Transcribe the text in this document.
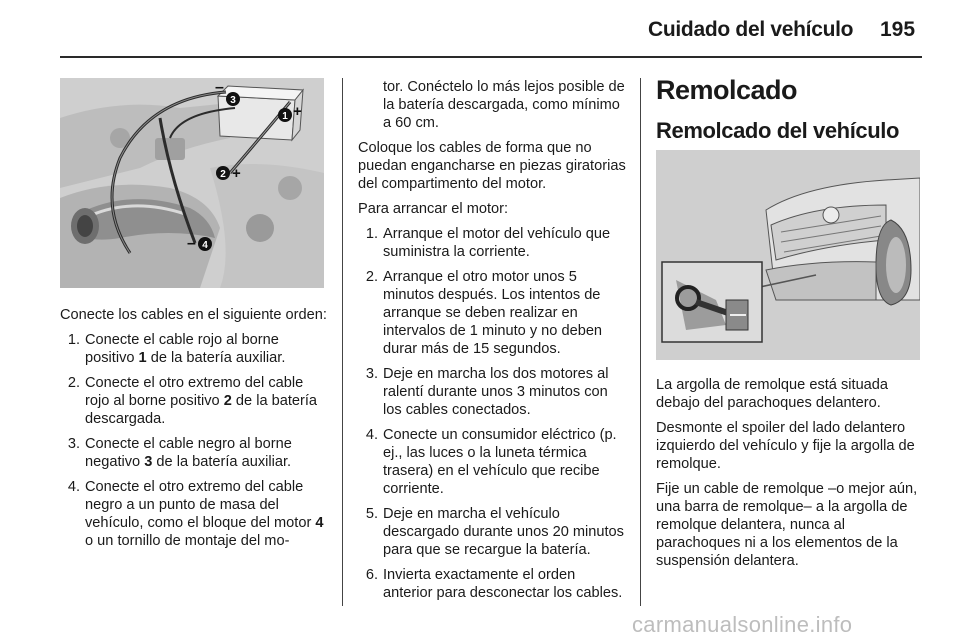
Cuidado del vehículo 195
–
3
1 +
2 +
– 4

Conecte los cables en el siguiente orden:

1. Conecte el cable rojo al borne positivo 1 de la batería auxiliar.
2. Conecte el otro extremo del cable rojo al borne positivo 2 de la batería descargada.
3. Conecte el cable negro al borne negativo 3 de la batería auxiliar.
4. Conecte el otro extremo del cable negro a un punto de masa del vehículo, como el bloque del motor 4 o un tornillo de montaje del mo-

tor. Conéctelo lo más lejos posible de la batería descargada, como mínimo a 60 cm.

Coloque los cables de forma que no puedan engancharse en piezas giratorias del compartimento del motor.

Para arrancar el motor:

1. Arranque el motor del vehículo que suministra la corriente.
2. Arranque el otro motor unos 5 minutos después. Los intentos de arranque se deben realizar en intervalos de 1 minuto y no deben durar más de 15 segundos.
3. Deje en marcha los dos motores al ralentí durante unos 3 minutos con los cables conectados.
4. Conecte un consumidor eléctrico (p. ej., las luces o la luneta térmica trasera) en el vehículo que recibe corriente.
5. Deje en marcha el vehículo descargado durante unos 20 minutos para que se recargue la batería.
6. Invierta exactamente el orden anterior para desconectar los cables.
Remolcado
Remolcado del vehículo

La argolla de remolque está situada debajo del parachoques delantero.

Desmonte el spoiler del lado delantero izquierdo del vehículo y fije la argolla de remolque.

Fije un cable de remolque –o mejor aún, una barra de remolque– a la argolla de remolque delantera, nunca al parachoques ni a los elementos de la suspensión delantera.

carmanualsonline.info
